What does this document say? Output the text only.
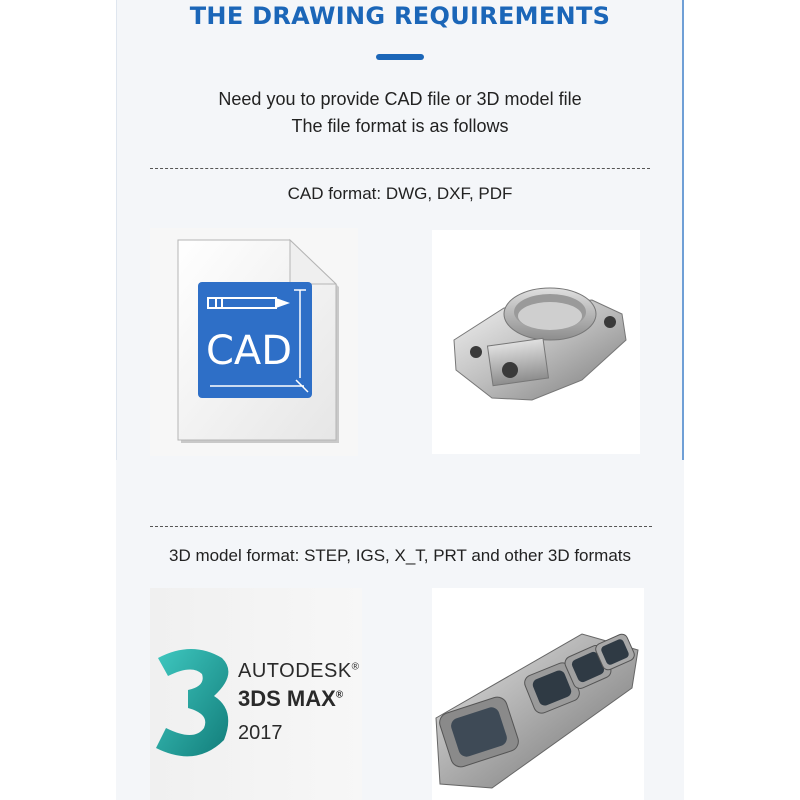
THE DRAWING REQUIREMENTS
Need you to provide CAD file or 3D model file
The file format is as follows
CAD format: DWG, DXF, PDF
CAD
3D model format: STEP, IGS, X_T, PRT and other 3D formats
AUTODESK®
3DS MAX®
2017
